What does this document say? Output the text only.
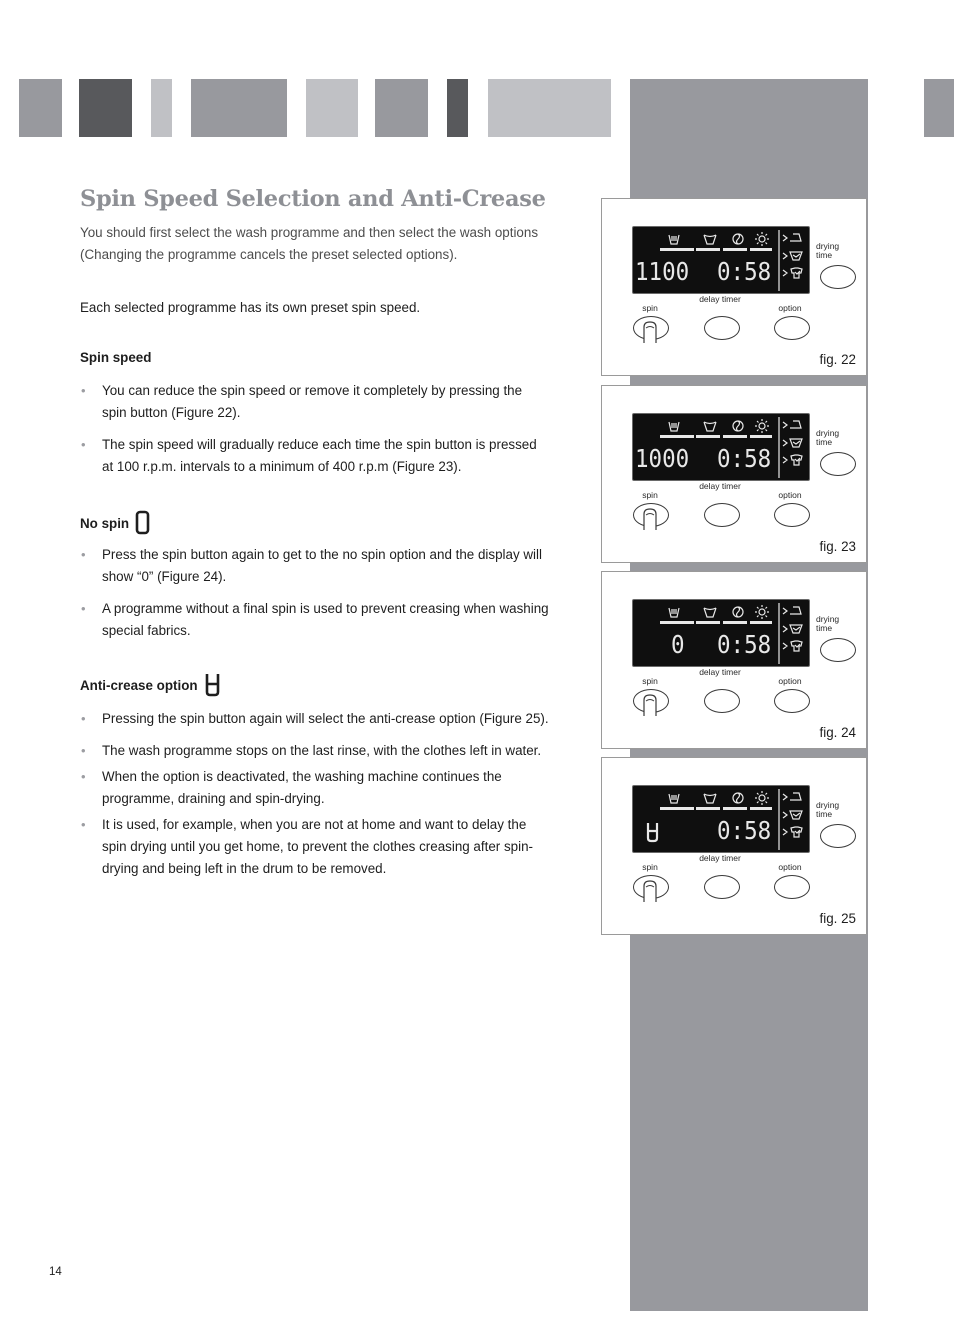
Spin Speed Selection and Anti-Crease

You should first select the wash programme and then select the wash options (Changing the programme cancels the preset selected options).

Each selected programme has its own preset spin speed.

Spin speed

• You can reduce the spin speed or remove it completely by pressing the spin button (Figure 22).
• The spin speed will gradually reduce each time the spin button is pressed at 100 r.p.m. intervals to a minimum of 400 r.p.m (Figure 23).

No spin

• Press the spin button again to get to the no spin option and the display will show “0” (Figure 24).
• A programme without a final spin is used to prevent creasing when washing special fabrics.

Anti-crease option

• Pressing the spin button again will select the anti-crease option (Figure 25).
• The wash programme stops on the last rinse, with the clothes left in water.
• When the option is deactivated, the washing machine continues the programme, draining and spin-drying.
• It is used, for example, when you are not at home and want to delay the spin drying until you get home, to prevent the clothes creasing after spin-drying and being left in the drum to be removed.
14
1100	0:58
drying time
spin
delay timer
option
fig. 22
1000	0:58
drying time
spin
delay timer
option
fig. 23
0	0:58
drying time
spin
delay timer
option
fig. 24
0:58
drying time
spin
delay timer
option
fig. 25
